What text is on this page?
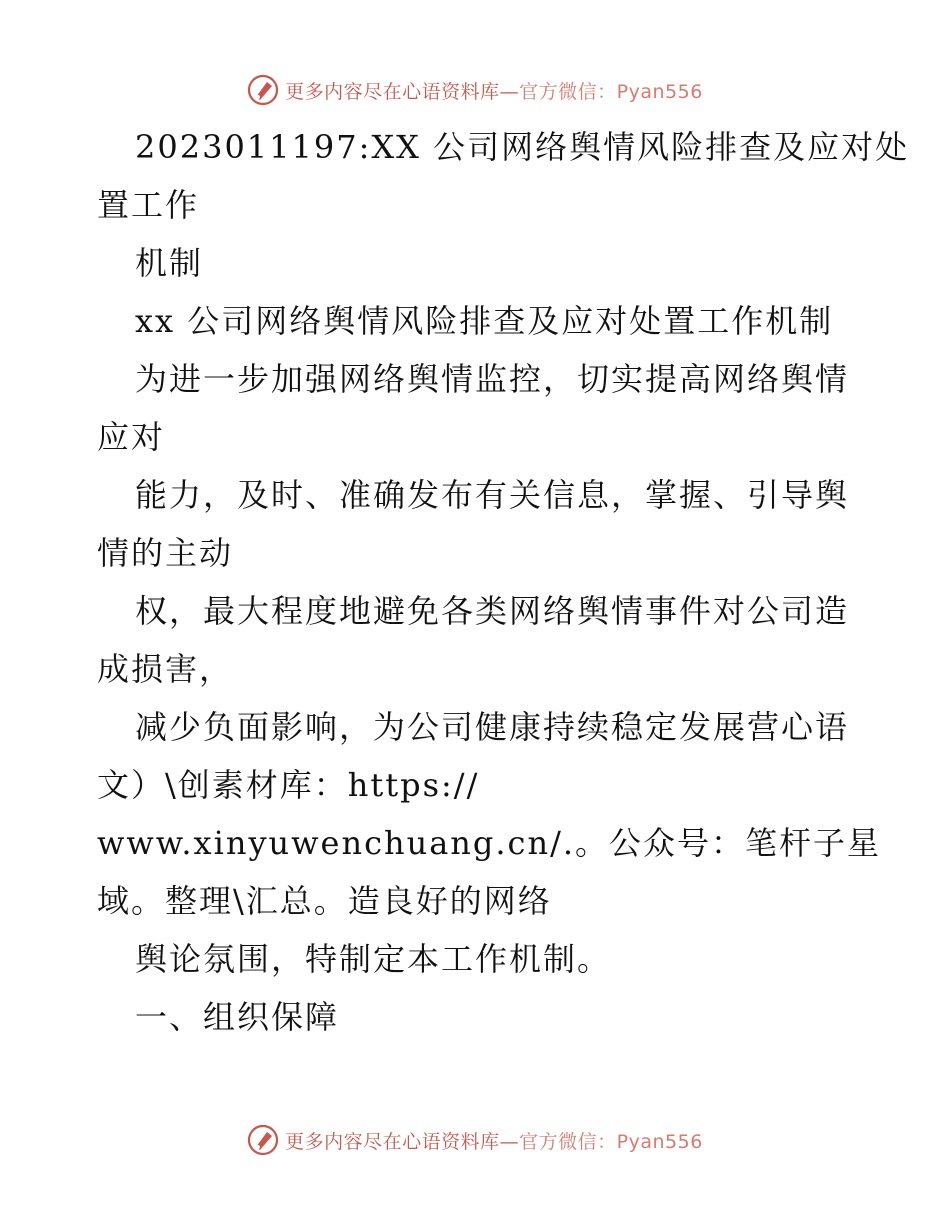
更多内容尽在心语资料库—官方微信：Pyan556
2023011197:XX 公司网络舆情风险排查及应对处
置工作
机制
xx 公司网络舆情风险排查及应对处置工作机制
为进一步加强网络舆情监控，切实提高网络舆情
应对
能力，及时、准确发布有关信息，掌握、引导舆
情的主动
权，最大程度地避免各类网络舆情事件对公司造
成损害，
减少负面影响，为公司健康持续稳定发展营心语
文）\创素材库：https://
www.xinyuwenchuang.cn/.。公众号：笔杆子星
域。整理\汇总。造良好的网络
舆论氛围，特制定本工作机制。
一、组织保障
更多内容尽在心语资料库—官方微信：Pyan556
